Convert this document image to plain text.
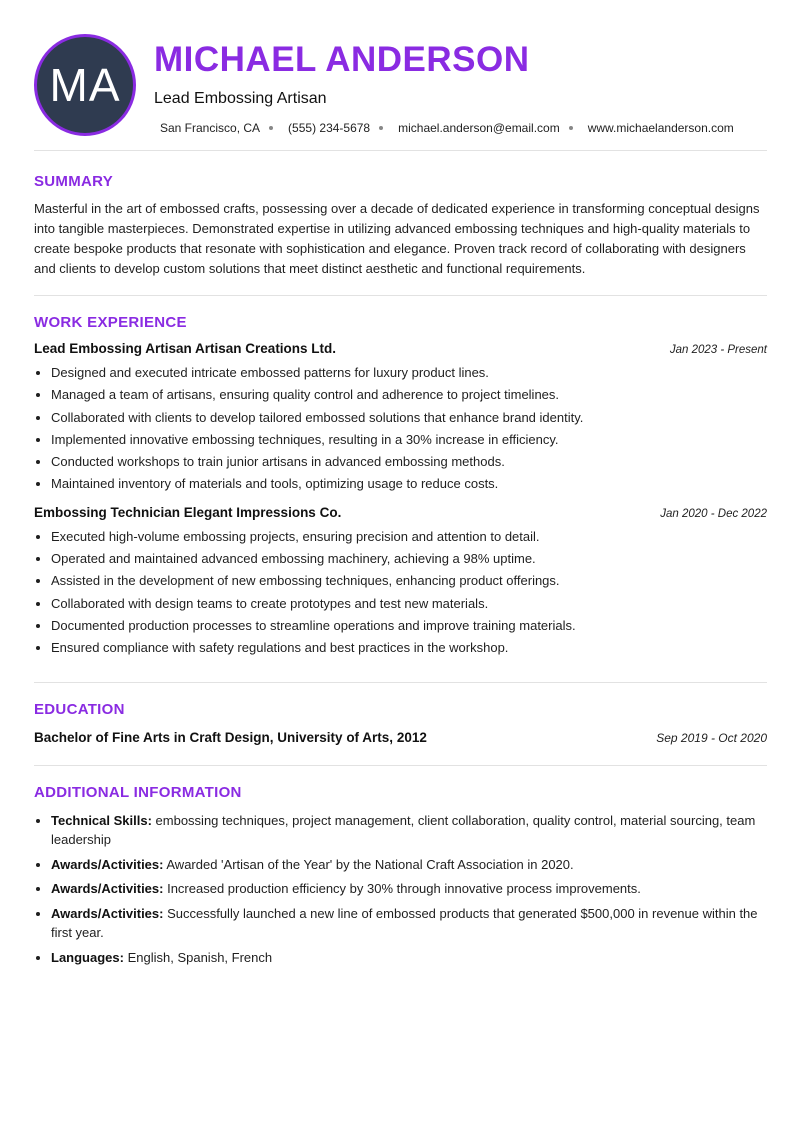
MA MICHAEL ANDERSON
Lead Embossing Artisan
San Francisco, CA (555) 234-5678 michael.anderson@email.com www.michaelanderson.com
SUMMARY

Masterful in the art of embossed crafts, possessing over a decade of dedicated experience in transforming conceptual designs into tangible masterpieces. Demonstrated expertise in utilizing advanced embossing techniques and high-quality materials to create bespoke products that resonate with sophistication and elegance. Proven track record of collaborating with designers and clients to develop custom solutions that meet distinct aesthetic and functional requirements.

WORK EXPERIENCE
Lead Embossing Artisan Artisan Creations Ltd.	Jan 2023 - Present
• Designed and executed intricate embossed patterns for luxury product lines.
• Managed a team of artisans, ensuring quality control and adherence to project timelines.
• Collaborated with clients to develop tailored embossed solutions that enhance brand identity.
• Implemented innovative embossing techniques, resulting in a 30% increase in efficiency.
• Conducted workshops to train junior artisans in advanced embossing methods.
• Maintained inventory of materials and tools, optimizing usage to reduce costs.
Embossing Technician Elegant Impressions Co.	Jan 2020 - Dec 2022
• Executed high-volume embossing projects, ensuring precision and attention to detail.
• Operated and maintained advanced embossing machinery, achieving a 98% uptime.
• Assisted in the development of new embossing techniques, enhancing product offerings.
• Collaborated with design teams to create prototypes and test new materials.
• Documented production processes to streamline operations and improve training materials.
• Ensured compliance with safety regulations and best practices in the workshop.
EDUCATION
Bachelor of Fine Arts in Craft Design, University of Arts, 2012	Sep 2019 - Oct 2020
ADDITIONAL INFORMATION
• Technical Skills: embossing techniques, project management, client collaboration, quality control, material sourcing, team leadership
• Awards/Activities: Awarded 'Artisan of the Year' by the National Craft Association in 2020.
• Awards/Activities: Increased production efficiency by 30% through innovative process improvements.
• Awards/Activities: Successfully launched a new line of embossed products that generated $500,000 in revenue within the first year.
• Languages: English, Spanish, French
